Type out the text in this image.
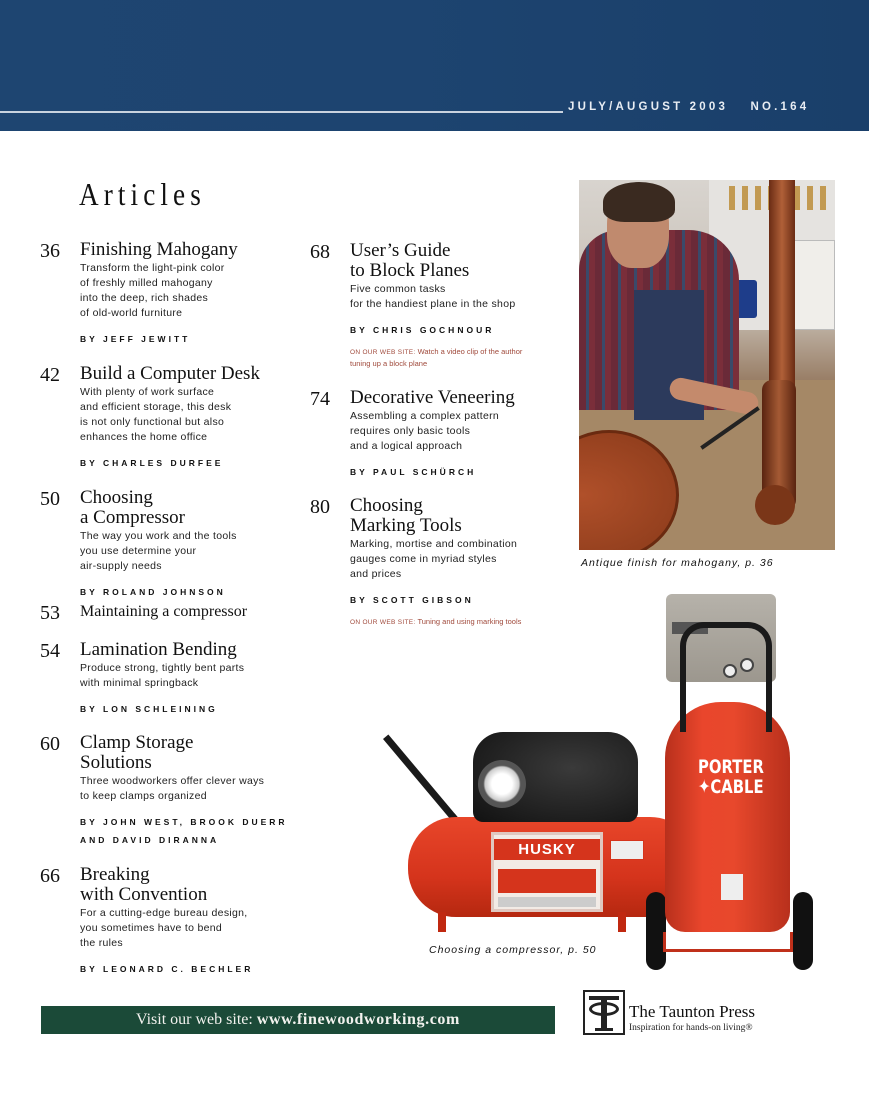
JULY/AUGUST 2003 NO.164
Articles
36 Finishing Mahogany
Transform the light-pink color
of freshly milled mahogany
into the deep, rich shades
of old-world furniture
BY JEFF JEWITT
42 Build a Computer Desk
With plenty of work surface
and efficient storage, this desk
is not only functional but also
enhances the home office
BY CHARLES DURFEE
50 Choosing
a Compressor
The way you work and the tools
you use determine your
air-supply needs
BY ROLAND JOHNSON
53 Maintaining a compressor
54 Lamination Bending
Produce strong, tightly bent parts
with minimal springback
BY LON SCHLEINING
60 Clamp Storage
Solutions
Three woodworkers offer clever ways
to keep clamps organized
BY JOHN WEST, BROOK DUERR
AND DAVID DIRANNA
66 Breaking
with Convention
For a cutting-edge bureau design,
you sometimes have to bend
the rules
BY LEONARD C. BECHLER
68 User’s Guide
to Block Planes
Five common tasks
for the handiest plane in the shop
BY CHRIS GOCHNOUR
ON OUR WEB SITE: Watch a video clip of the author
tuning up a block plane
74 Decorative Veneering
Assembling a complex pattern
requires only basic tools
and a logical approach
BY PAUL SCHÜRCH
80 Choosing
Marking Tools
Marking, mortise and combination
gauges come in myriad styles
and prices
BY SCOTT GIBSON
ON OUR WEB SITE: Tuning and using marking tools
Antique finish for mahogany, p. 36
HUSKY
PORTER
✦CABLE
Choosing a compressor, p. 50
Visit our web site: www.finewoodworking.com	The Taunton Press
Inspiration for hands-on living®
